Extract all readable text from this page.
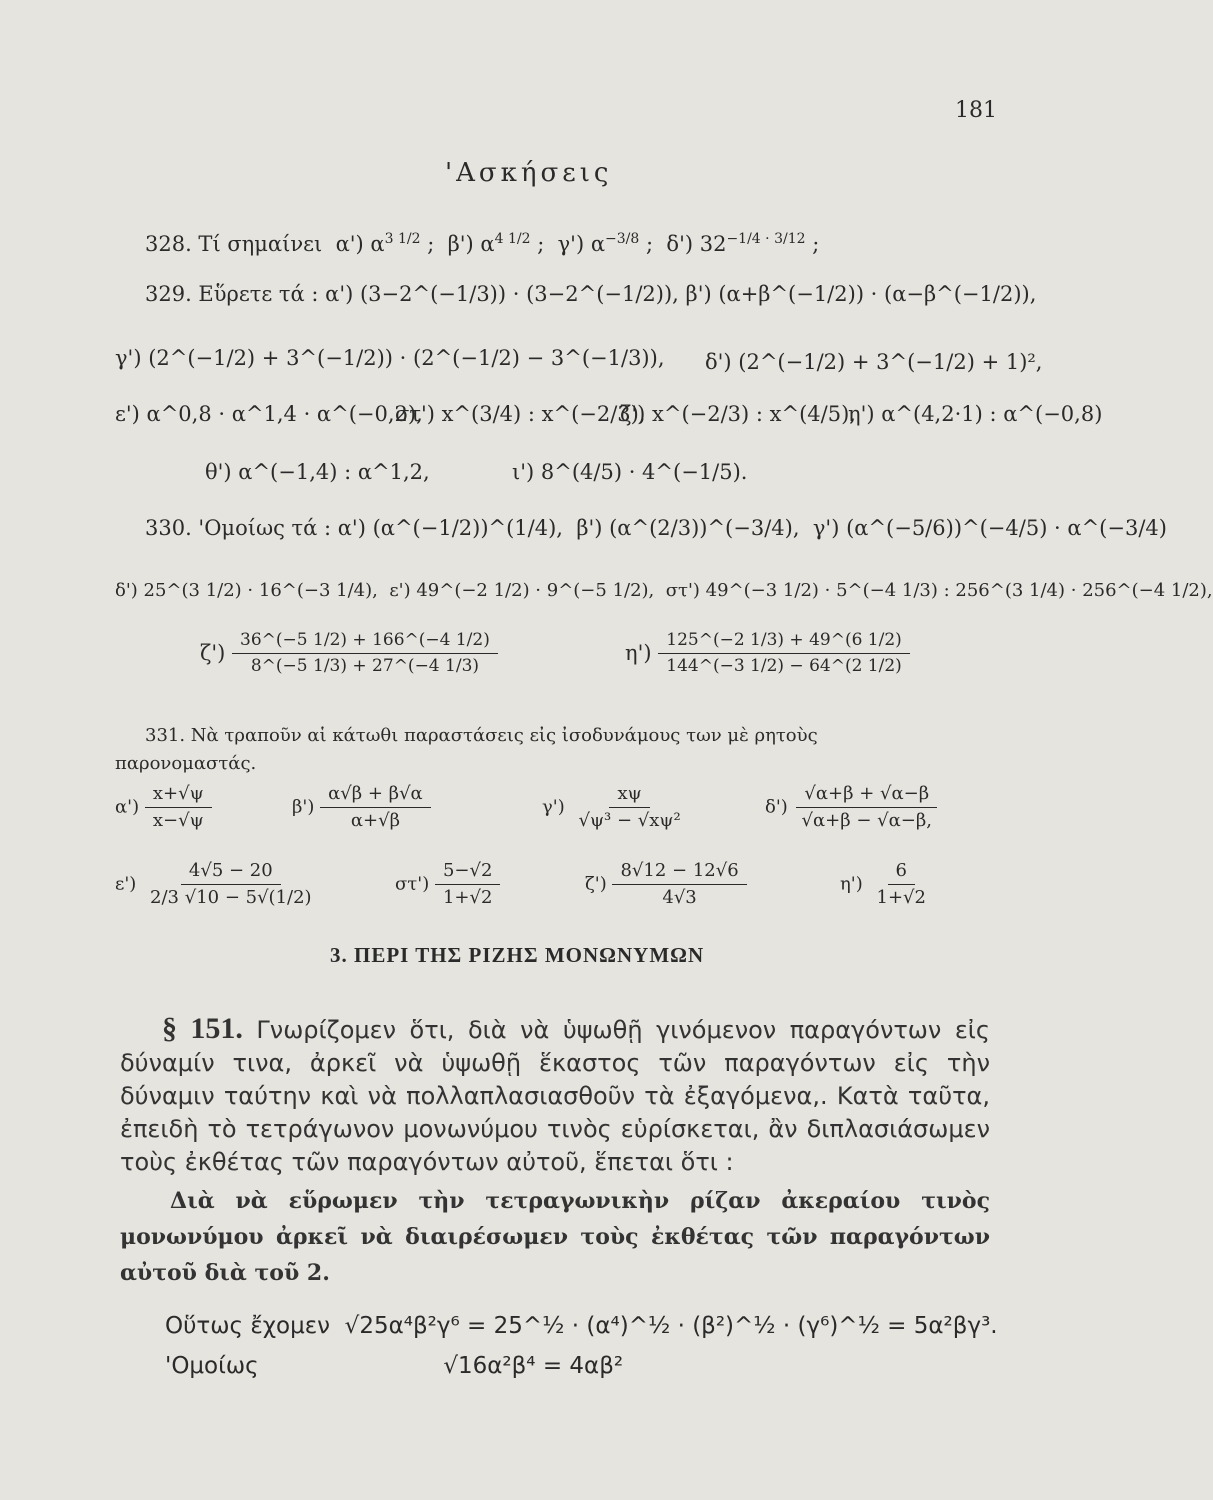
181
'Ασκήσεις
328. Τί σημαίνει α') $\alpha^{3 1/2}$ ; β') $\alpha^{4 1/2}$ ; γ') $\alpha^{-3/8}$ ; δ') $32^{-1/4 \cdot 3/12}$ ;
329. Εὕρετε τά : α') (3−2^(−1/3)) · (3−2^(−1/2)), β') (α+β^(−1/2)) · (α−β^(−1/2)),
γ') (2^(−1/2) + 3^(−1/2)) · (2^(−1/2) − 3^(−1/3)), δ') (2^(−1/2) + 3^(−1/2) + 1)²,
ε') α^0,8 · α^1,4 · α^(−0,2),
στ') x^(3/4) : x^(−2/3),
ζ') x^(−2/3) : x^(4/5),
η') α^(4,2·1) : α^(−0,8)
θ') α^(−1,4) : α^1,2,	ι') 8^(4/5) · 4^(−1/5).
330. 'Ομοίως τά : α') (α^(−1/2))^(1/4), β') (α^(2/3))^(−3/4), γ') (α^(−5/6))^(−4/5) · α^(−3/4)
δ') 25^(3 1/2) · 16^(−3 1/4), ε') 49^(−2 1/2) · 9^(−5 1/2), στ') 49^(−3 1/2) · 5^(−4 1/3) : 256^(3 1/4) · 256^(−4 1/2),
$\zeta') \frac{36\^{}(-5 1/2) + 166\^{}(-4 1/2)}{8\^{}(-5 1/3) + 27\^{}(-4 1/3)}$	$\eta') \frac{125\^{}(-2 1/3) + 49\^{}(6 1/2)}{144\^{}(-3 1/2) - 64\^{}(2 1/2)}$
331. Νὰ τραποῦν αἱ κάτωθι παραστάσεις εἰς ἰσοδυνάμους των μὲ ρητοὺς
παρονομαστάς.
$\alpha') \frac{x+√\psi}{x-√\psi}$	$\beta') \frac{\alpha√\beta + \beta√\alpha}{\alpha+√\beta}$	$\gamma') \frac{x\psi}{\text{√ψ³ − √xψ²}}$	$\delta') \frac{√\alpha+\beta + √\alpha-\beta}{√\alpha+\beta - √\alpha-\beta,}$
$\varepsilon') \frac{4√5 - 20}{2/3 √10 - 5√(1/2)}$	$\sigma\tau') \frac{5-√2}{1+√2}$	$\zeta') \frac{8√12 - 12√6}{4√3}$	$\eta') \frac{6}{1+√2}$
3. ΠΕΡΙ ΤΗΣ ΡΙΖΗΣ ΜΟΝΩΝΥΜΩΝ
§ 151. Γνωρίζομεν ὅτι, διὰ νὰ ὑψωθῇ γινόμενον παραγόντων εἰς δύναμίν τινα, ἀρκεῖ νὰ ὑψωθῇ ἕκαστος τῶν παραγόντων εἰς τὴν δύναμιν ταύτην καὶ νὰ πολλαπλασιασθοῦν τὰ ἐξαγόμενα,. Κατὰ ταῦτα, ἐπειδὴ τὸ τετράγωνον μονωνύμου τινὸς εὑρίσκεται, ἂν διπλασιάσωμεν τοὺς ἐκθέτας τῶν παραγόντων αὐτοῦ, ἕπεται ὅτι :
Διὰ νὰ εὕρωμεν τὴν τετραγωνικὴν ρίζαν ἀκεραίου τινὸς μονωνύμου ἀρκεῖ νὰ διαιρέσωμεν τοὺς ἐκθέτας τῶν παραγόντων αὐτοῦ διὰ τοῦ 2.
Οὕτως ἔχομεν √25α⁴β²γ⁶ = 25^½ · (α⁴)^½ · (β²)^½ · (γ⁶)^½ = 5α²βγ³.
'Ομοίως	√16α²β⁴ = 4αβ²
